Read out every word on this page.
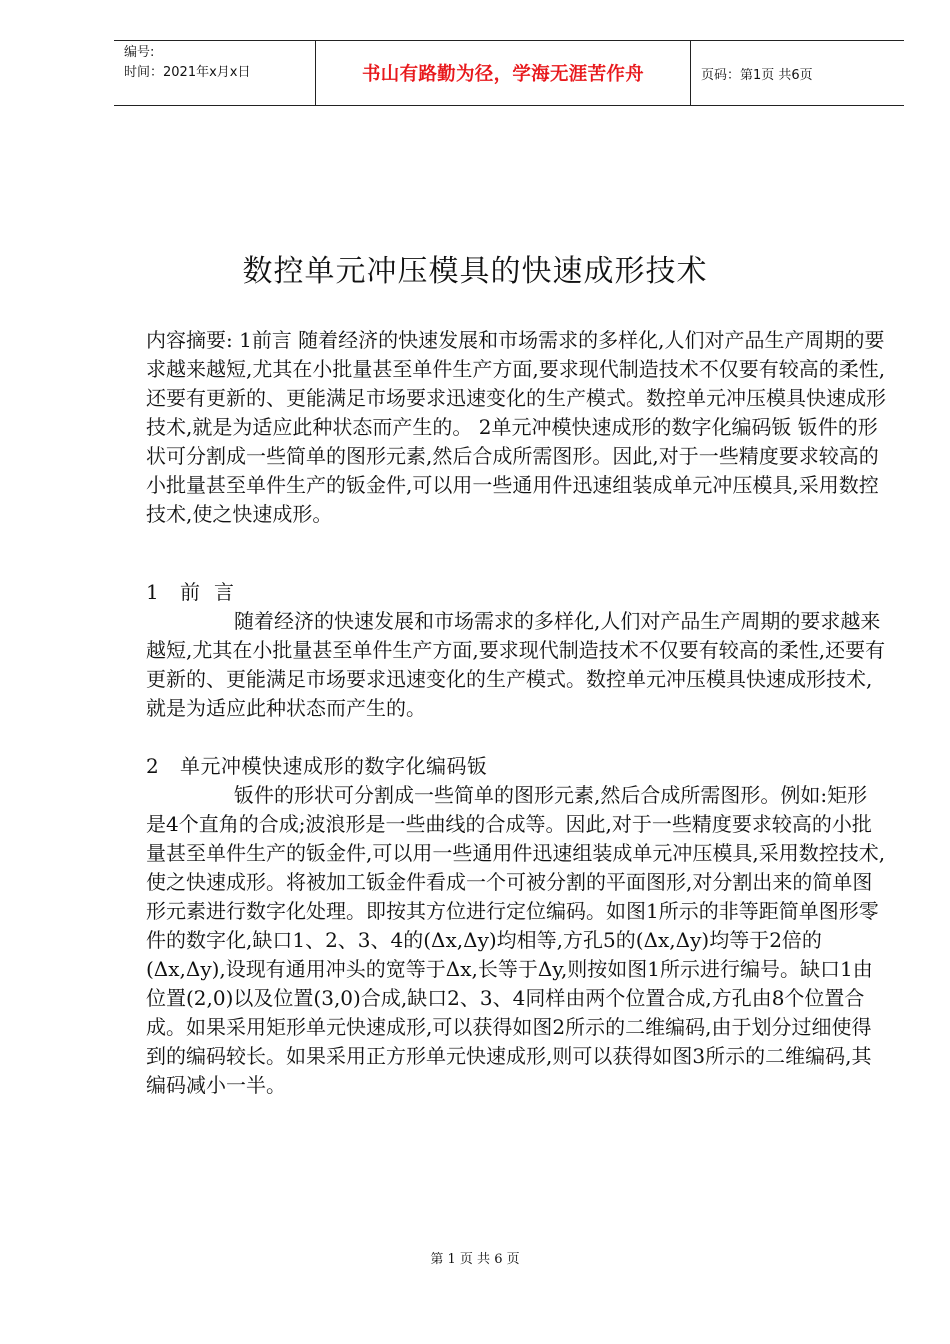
编号:
时间：2021年x月x日	书山有路勤为径，学海无涯苦作舟	页码：第1页 共6页
数控单元冲压模具的快速成形技术

内容摘要: 1前言 随着经济的快速发展和市场需求的多样化,人们对产品生产周期的要求越来越短,尤其在小批量甚至单件生产方面,要求现代制造技术不仅要有较高的柔性,还要有更新的、更能满足市场要求迅速变化的生产模式。数控单元冲压模具快速成形技术,就是为适应此种状态而产生的。 2单元冲模快速成形的数字化编码钣 钣件的形状可分割成一些简单的图形元素,然后合成所需图形。因此,对于一些精度要求较高的小批量甚至单件生产的钣金件,可以用一些通用件迅速组装成单元冲压模具,采用数控技术,使之快速成形。

1 前言

随着经济的快速发展和市场需求的多样化,人们对产品生产周期的要求越来越短,尤其在小批量甚至单件生产方面,要求现代制造技术不仅要有较高的柔性,还要有更新的、更能满足市场要求迅速变化的生产模式。数控单元冲压模具快速成形技术,就是为适应此种状态而产生的。

2 单元冲模快速成形的数字化编码钣

钣件的形状可分割成一些简单的图形元素,然后合成所需图形。例如:矩形是4个直角的合成;波浪形是一些曲线的合成等。因此,对于一些精度要求较高的小批量甚至单件生产的钣金件,可以用一些通用件迅速组装成单元冲压模具,采用数控技术,使之快速成形。将被加工钣金件看成一个可被分割的平面图形,对分割出来的简单图形元素进行数字化处理。即按其方位进行定位编码。如图1所示的非等距简单图形零件的数字化,缺口1、2、3、4的(Δx,Δy)均相等,方孔5的(Δx,Δy)均等于2倍的(Δx,Δy),设现有通用冲头的宽等于Δx,长等于Δy,则按如图1所示进行编号。缺口1由位置(2,0)以及位置(3,0)合成,缺口2、3、4同样由两个位置合成,方孔由8个位置合成。如果采用矩形单元快速成形,可以获得如图2所示的二维编码,由于划分过细使得到的编码较长。如果采用正方形单元快速成形,则可以获得如图3所示的二维编码,其编码减小一半。

第 1 页 共 6 页
